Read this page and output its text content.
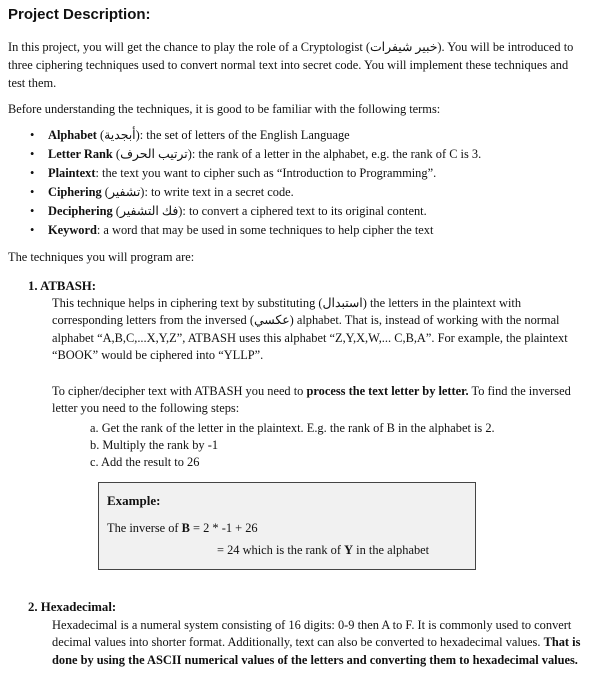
Project Description:

In this project, you will get the chance to play the role of a Cryptologist (خبير شيفرات). You will be introduced to three ciphering techniques used to convert normal text into secret code. You will implement these techniques and test them.

Before understanding the techniques, it is good to be familiar with the following terms:

• Alphabet (أبجدية): the set of letters of the English Language
• Letter Rank (ترتيب الحرف): the rank of a letter in the alphabet, e.g. the rank of C is 3.
• Plaintext: the text you want to cipher such as “Introduction to Programming”.
• Ciphering (تشفير): to write text in a secret code.
• Deciphering (فك التشفير): to convert a ciphered text to its original content.
• Keyword: a word that may be used in some techniques to help cipher the text

The techniques you will program are:

1. ATBASH:

This technique helps in ciphering text by substituting (استبدال) the letters in the plaintext with corresponding letters from the inversed (عكسي) alphabet. That is, instead of working with the normal alphabet “A,B,C,...X,Y,Z”, ATBASH uses this alphabet “Z,Y,X,W,... C,B,A”. For example, the plaintext “BOOK” would be ciphered into “YLLP”.

To cipher/decipher text with ATBASH you need to process the text letter by letter. To find the inversed letter you need to the following steps:

a. Get the rank of the letter in the plaintext. E.g. the rank of B in the alphabet is 2.
b. Multiply the rank by -1
c. Add the result to 26
Example:
The inverse of B = 2 * -1 + 26
= 24 which is the rank of Y in the alphabet
2. Hexadecimal:

Hexadecimal is a numeral system consisting of 16 digits: 0-9 then A to F. It is commonly used to convert decimal values into shorter format. Additionally, text can also be converted to hexadecimal values. That is done by using the ASCII numerical values of the letters and converting them to hexadecimal values.
